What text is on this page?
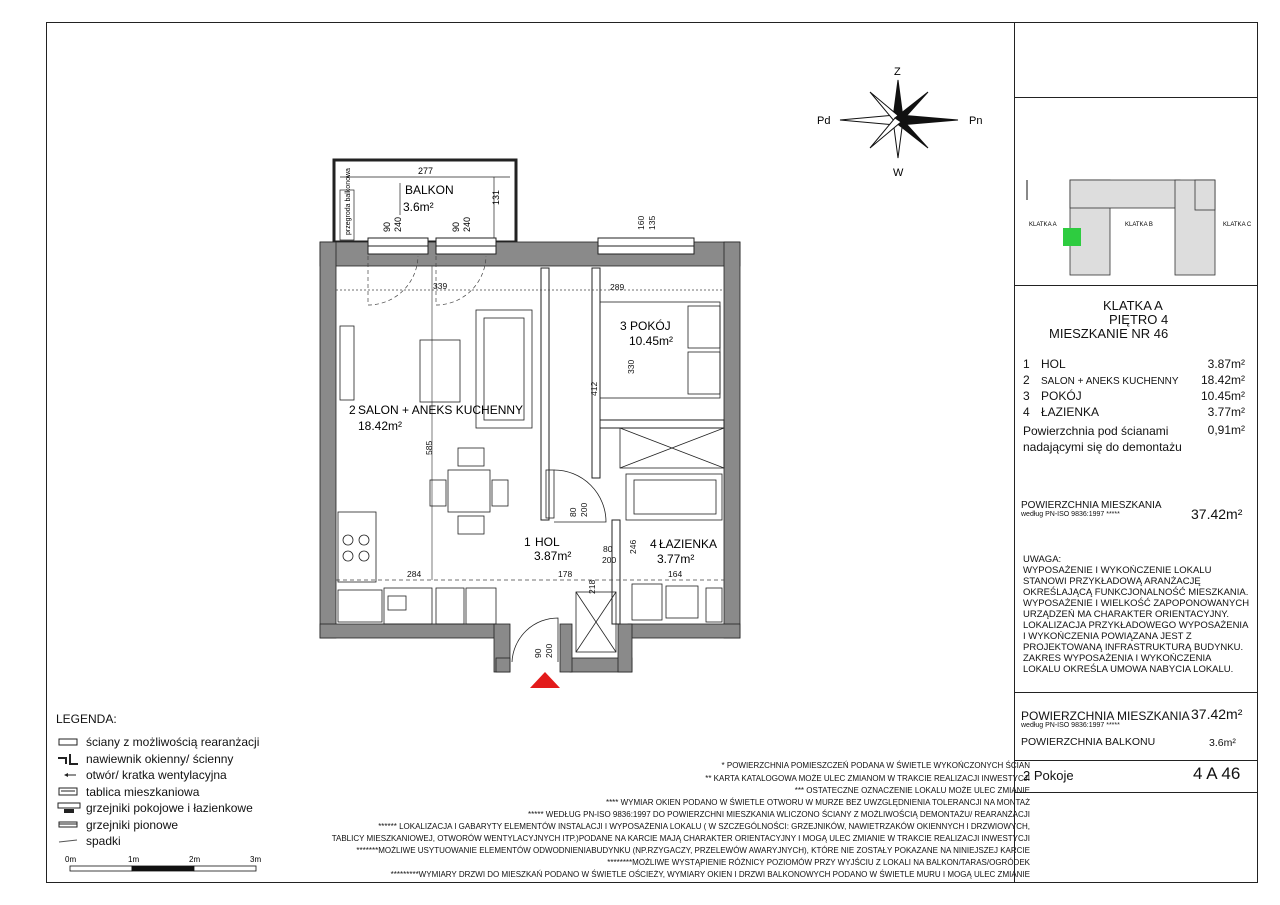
Z
W
Pd	Pn
277
131
przegroda balkonowa	BALKON
3.6m²
90 240	90 240
2 SALON + ANEKS KUCHENNY
18.42m²
3 POKÓJ
10.45m²
1 HOL
3.87m²
4 ŁAZIENKA
3.77m²
339	289
585
412
330
160 135
284	178	164
80 200
80
200
246
90 200
218
0m	1m	2m	3m
LEGENDA:
ściany z możliwością rearanżacji
nawiewnik okienny/ ścienny
otwór/ kratka wentylacyjna
tablica mieszkaniowa
grzejniki pokojowe i łazienkowe
grzejniki pionowe
spadki
* POWIERZCHNIA POMIESZCZEŃ PODANA W ŚWIETLE WYKOŃCZONYCH ŚCIAN
** KARTA KATALOGOWA MOŻE ULEC ZMIANOM W TRAKCIE REALIZACJI INWESTYCJI
*** OSTATECZNE OZNACZENIE LOKALU MOŻE ULEC ZMIANIE
**** WYMIAR OKIEN PODANO W ŚWIETLE OTWORU W MURZE BEZ UWZGLĘDNIENIA TOLERANCJI NA MONTAŻ
***** WEDŁUG PN-ISO 9836:1997 DO POWIERZCHNI MIESZKANIA WLICZONO ŚCIANY Z MOŻLIWOŚCIĄ DEMONTAŻU/ REARANŻACJI
****** LOKALIZACJA I GABARYTY ELEMENTÓW INSTALACJI I WYPOSAŻENIA LOKALU ( W SZCZEGÓLNOŚCI: GRZEJNIKÓW, NAWIETRZAKÓW OKIENNYCH I DRZWIOWYCH,
TABLICY MIESZKANIOWEJ, OTWORÓW WENTYLACYJNYCH ITP.)PODANE NA KARCIE MAJĄ CHARAKTER ORIENTACYJNY I MOGĄ ULEC ZMIANIE W TRAKCIE REALIZACJI INWESTYCJI
*******MOŻLIWE USYTUOWANIE ELEMENTÓW ODWODNIENIABUDYNKU (NP.RZYGACZY, PRZELEWÓW AWARYJNYCH), KTÓRE NIE ZOSTAŁY POKAZANE NA NINIEJSZEJ KARCIE
********MOŻLIWE WYSTĄPIENIE RÓŻNICY POZIOMÓW PRZY WYJŚCIU Z LOKALI NA BALKON/TARAS/OGRÓDEK
*********WYMIARY DRZWI DO MIESZKAŃ PODANO W ŚWIETLE OŚCIEŻY, WYMIARY OKIEN I DRZWI BALKONOWYCH PODANO W ŚWIETLE MURU I MOGĄ ULEC ZMIANIE
KLATKA A	KLATKA B	KLATKA C
KLATKA A
PIĘTRO 4
MIESZKANIE NR 46
1 HOL	3.87m²
2	SALON + ANEKS KUCHENNY	18.42m²
3 POKÓJ	10.45m²
4 ŁAZIENKA	3.77m²
Powierzchnia pod ścianami nadającymi się do demontażu
0,91m²
POWIERZCHNIA MIESZKANIA
według PN-ISO 9836:1997 *****	37.42m²
UWAGA:
WYPOSAŻENIE I WYKOŃCZENIE LOKALU STANOWI PRZYKŁADOWĄ ARANŻACJĘ OKREŚLAJĄCĄ FUNKCJONALNOŚĆ MIESZKANIA. WYPOSAŻENIE I WIELKOŚĆ ZAPOPONOWANYCH URZĄDZEŃ MA CHARAKTER ORIENTACYJNY. LOKALIZACJA PRZYKŁADOWEGO WYPOSAŻENIA I WYKOŃCZENIA POWIĄZANA JEST Z PROJEKTOWANĄ INFRASTRUKTURĄ BUDYNKU. ZAKRES WYPOSAŻENIA I WYKOŃCZENIA LOKALU OKREŚLA UMOWA NABYCIA LOKALU.
POWIERZCHNIA MIESZKANIA
według PN-ISO 9836:1997 *****
37.42m²
POWIERZCHNIA BALKONU	3.6m²
2 Pokoje	4 A 46
